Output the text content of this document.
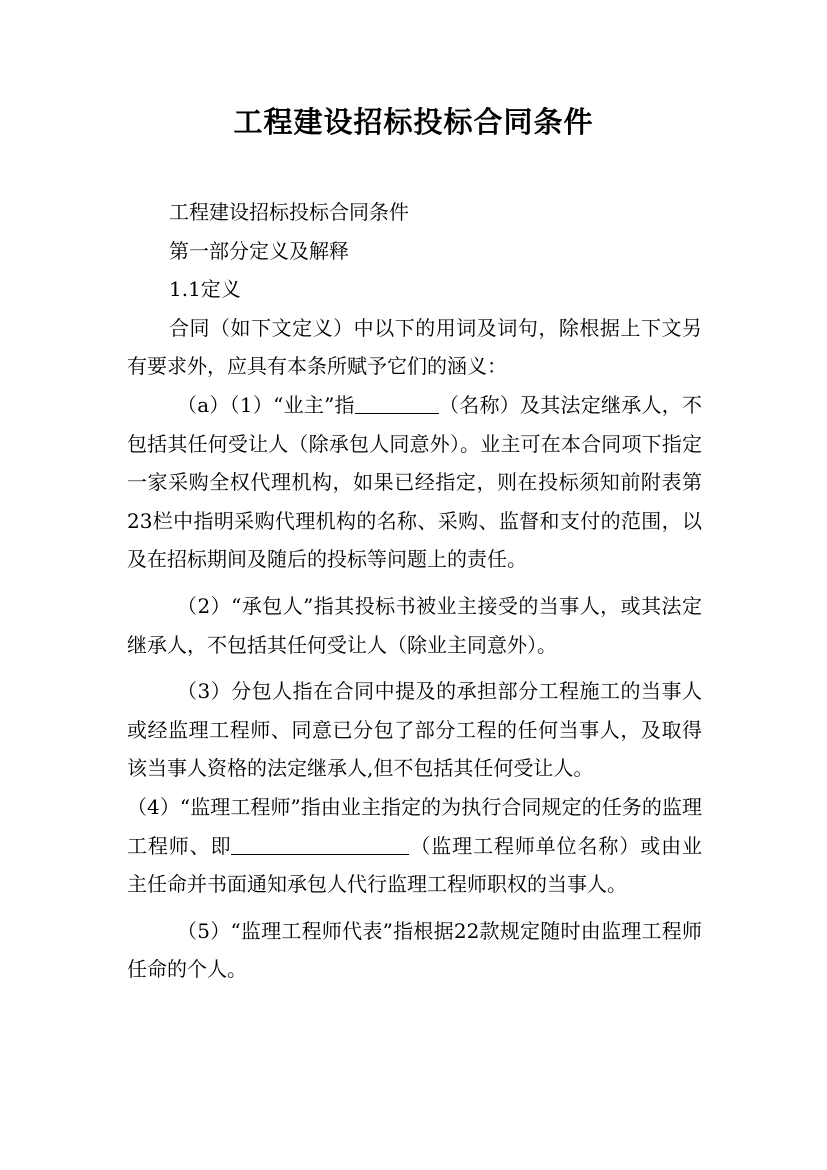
工程建设招标投标合同条件

工程建设招标投标合同条件

第一部分定义及解释

1.1定义

合同（如下文定义）中以下的用词及词句，除根据上下文另有要求外，应具有本条所赋予它们的涵义：

（a）（1）“业主”指	（名称）及其法定继承人，不包括其任何受让人（除承包人同意外）。业主可在本合同项下指定一家采购全权代理机构，如果已经指定，则在投标须知前附表第23栏中指明采购代理机构的名称、采购、监督和支付的范围，以及在招标期间及随后的投标等问题上的责任。

（2）“承包人”指其投标书被业主接受的当事人，或其法定继承人，不包括其任何受让人（除业主同意外）。

（3）分包人指在合同中提及的承担部分工程施工的当事人或经监理工程师、同意已分包了部分工程的任何当事人，及取得该当事人资格的法定继承人,但不包括其任何受让人。

（4）“监理工程师”指由业主指定的为执行合同规定的任务的监理工程师、即	（监理工程师单位名称）或由业主任命并书面通知承包人代行监理工程师职权的当事人。

（5）“监理工程师代表”指根据22款规定随时由监理工程师任命的个人。
